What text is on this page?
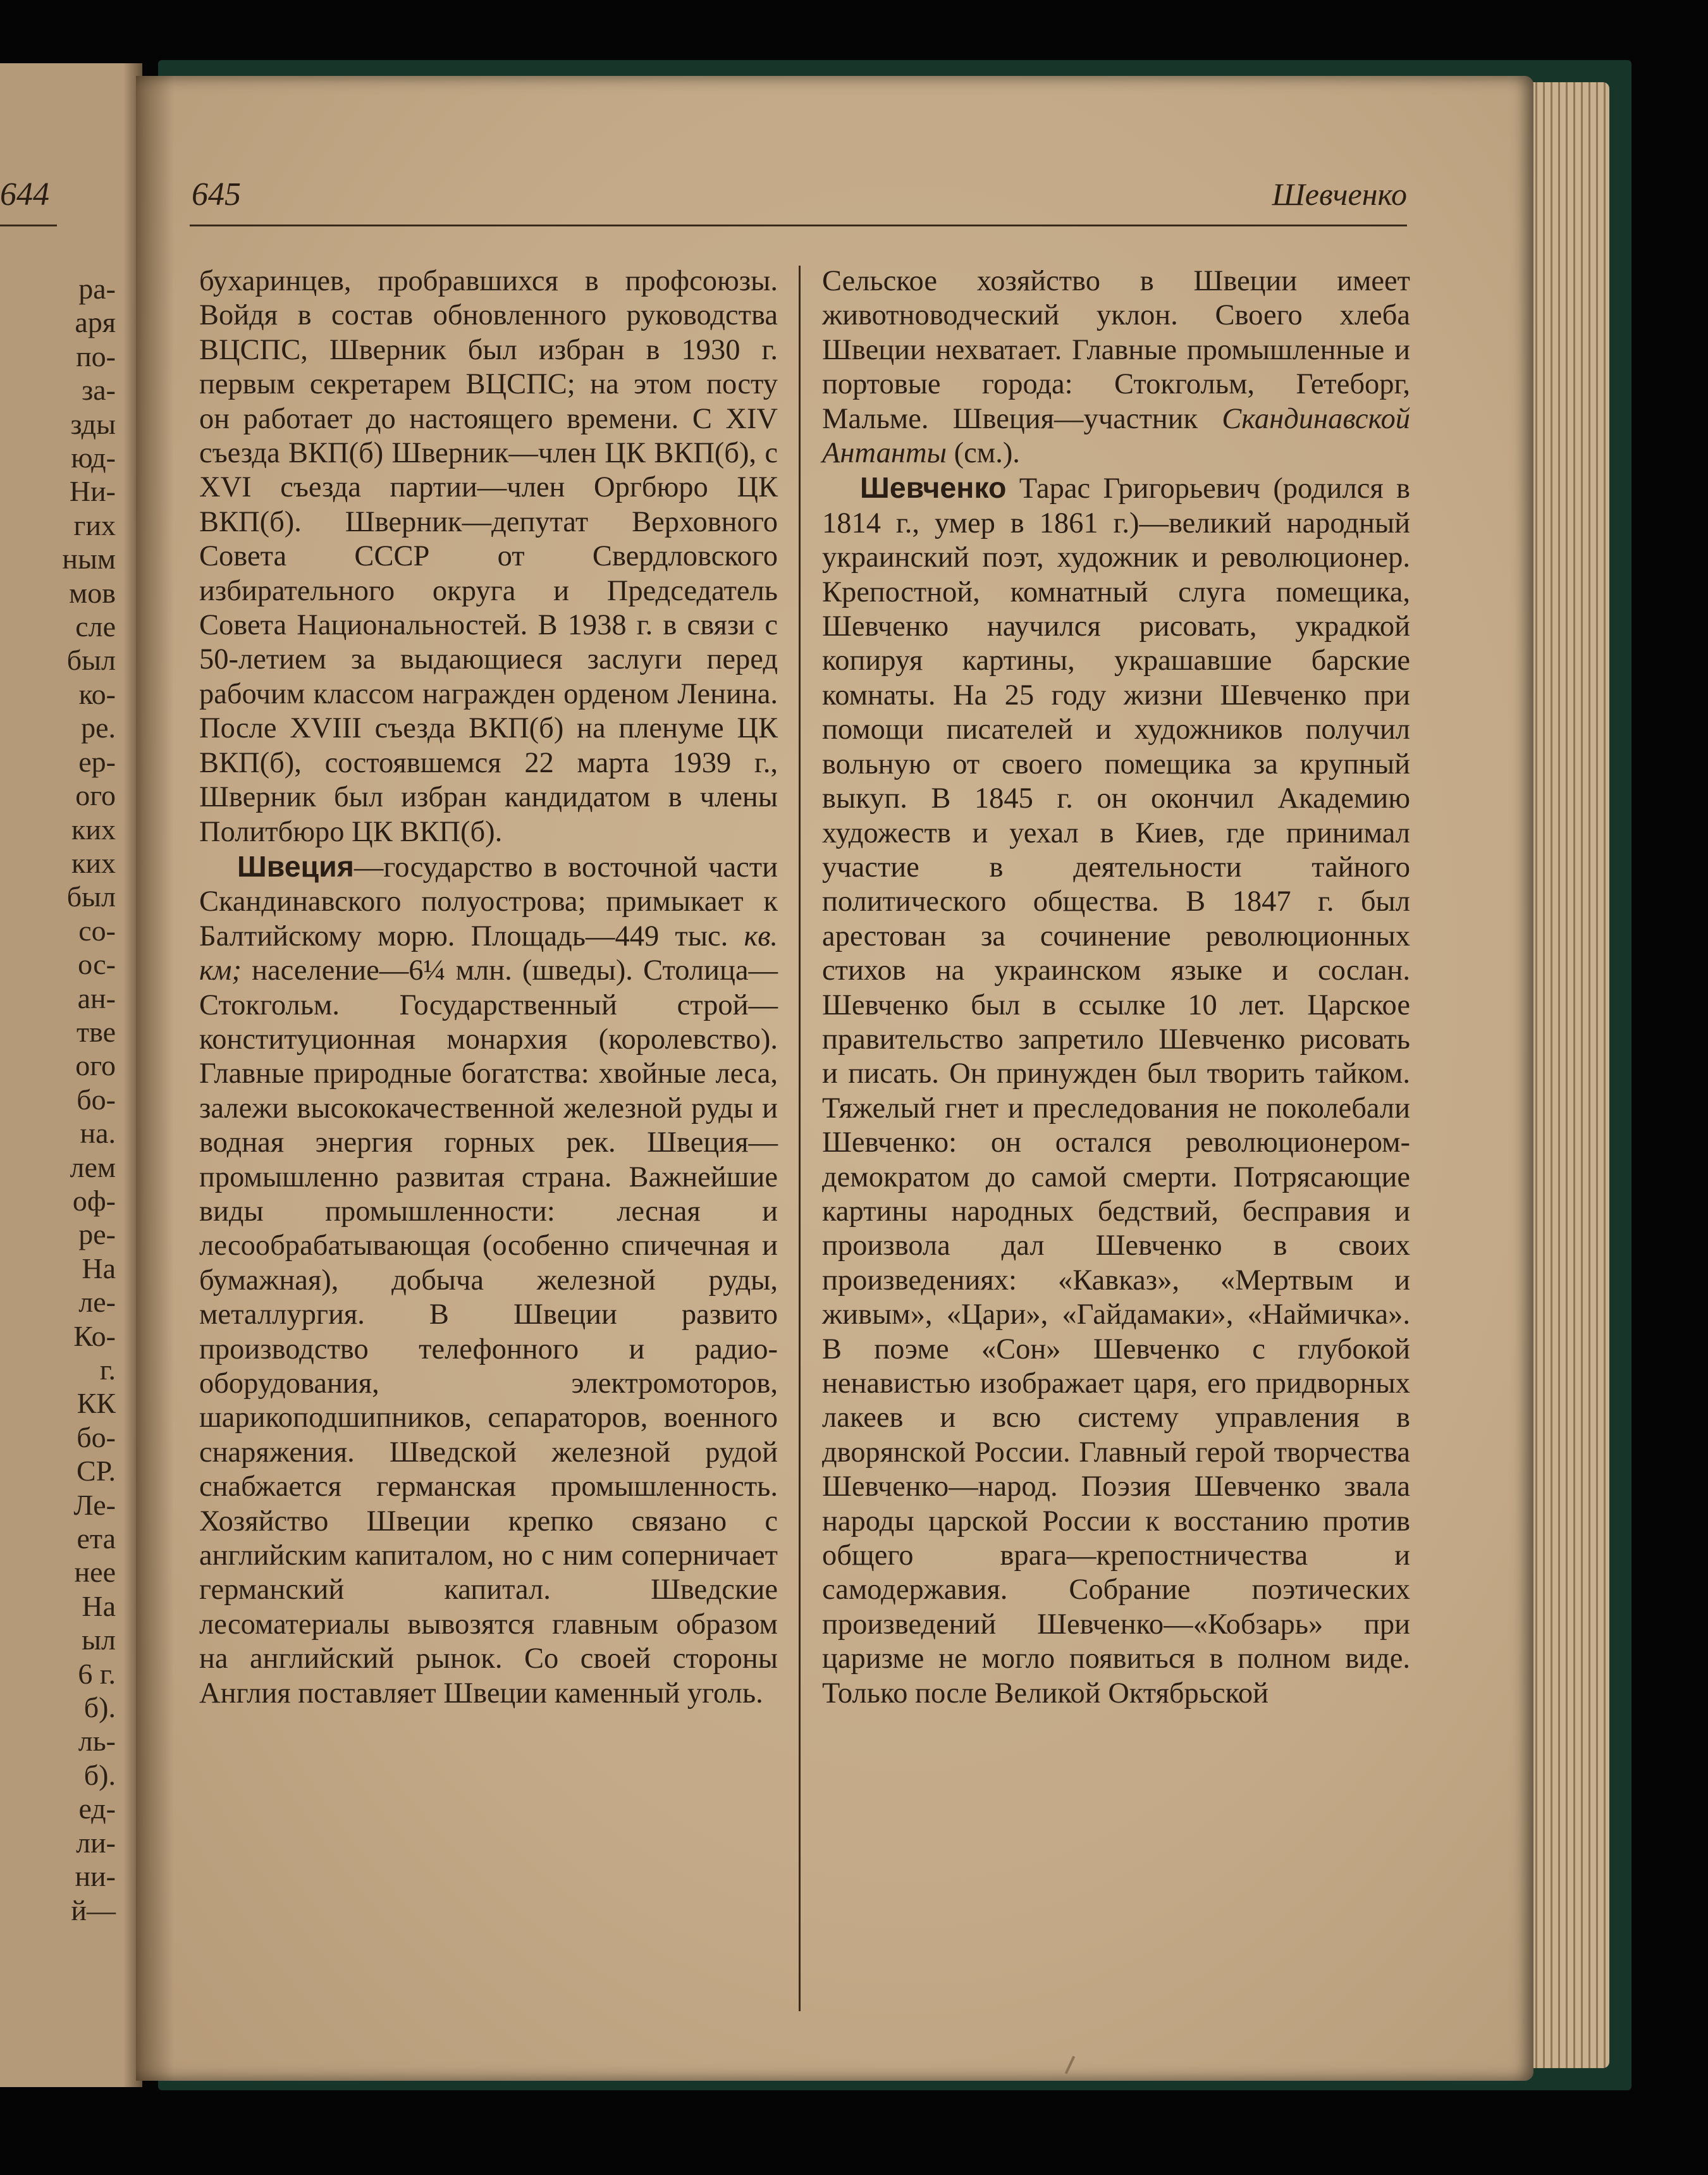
644
ра-
аря
по-
за-
зды
юд-
Ни-
гих
ным
мов
сле
был
ко-
ре.
ер-
ого
ких
ких
был
со-
ос-
ан-
тве
ого
бо-
на.
лем
оф-
ре-
На
ле-
Ко-
г.
КК
бо-
СР.
Ле-
ета
нее
На
ыл
6 г.
б).
ль-
б).
ед-
ли-
ни-
й—
645	Шевченко

бухаринцев, пробравшихся в профсоюзы. Войдя в состав обновленного руководства ВЦСПС, Шверник был избран в 1930 г. первым секретарем ВЦСПС; на этом посту он работает до настоящего времени. С XIV съезда ВКП(б) Шверник—член ЦК ВКП(б), с XVI съезда партии—член Оргбюро ЦК ВКП(б). Шверник—депутат Верховного Совета СССР от Свердловского избирательного округа и Председатель Совета Национальностей. В 1938 г. в связи с 50-летием за выдающиеся заслуги перед рабочим классом награжден орденом Ленина. После XVIII съезда ВКП(б) на пленуме ЦК ВКП(б), состоявшемся 22 марта 1939 г., Шверник был избран кандидатом в члены Политбюро ЦК ВКП(б).

Швеция—государство в восточной части Скандинавского полуострова; примыкает к Балтийскому морю. Площадь—449 тыс. кв. км; население—6¼ млн. (шведы). Столица—Стокгольм. Государственный строй—конституционная монархия (королевство). Главные природные богатства: хвойные леса, залежи высококачественной железной руды и водная энергия горных рек. Швеция—промышленно развитая страна. Важнейшие виды промышленности: лесная и лесообрабатывающая (особенно спичечная и бумажная), добыча железной руды, металлургия. В Швеции развито производство телефонного и радио-оборудования, электромоторов, шарикоподшипников, сепараторов, военного снаряжения. Шведской железной рудой снабжается германская промышленность. Хозяйство Швеции крепко связано с английским капиталом, но с ним соперничает германский капитал. Шведские лесоматериалы вывозятся главным образом на английский рынок. Со своей стороны Англия поставляет Швеции каменный уголь.

Сельское хозяйство в Швеции имеет животноводческий уклон. Своего хлеба Швеции нехватает. Главные промышленные и портовые города: Стокгольм, Гетеборг, Мальме. Швеция—участник Скандинавской Антанты (см.).

Шевченко Тарас Григорьевич (родился в 1814 г., умер в 1861 г.)—великий народный украинский поэт, художник и революционер. Крепостной, комнатный слуга помещика, Шевченко научился рисовать, украдкой копируя картины, украшавшие барские комнаты. На 25 году жизни Шевченко при помощи писателей и художников получил вольную от своего помещика за крупный выкуп. В 1845 г. он окончил Академию художеств и уехал в Киев, где принимал участие в деятельности тайного политического общества. В 1847 г. был арестован за сочинение революционных стихов на украинском языке и сослан. Шевченко был в ссылке 10 лет. Царское правительство запретило Шевченко рисовать и писать. Он принужден был творить тайком. Тяжелый гнет и преследования не поколебали Шевченко: он остался революционером-демократом до самой смерти. Потрясающие картины народных бедствий, бесправия и произвола дал Шевченко в своих произведениях: «Кавказ», «Мертвым и живым», «Цари», «Гайдамаки», «Наймичка». В поэме «Сон» Шевченко с глубокой ненавистью изображает царя, его придворных лакеев и всю систему управления в дворянской России. Главный герой творчества Шевченко—народ. Поэзия Шевченко звала народы царской России к восстанию против общего врага—крепостничества и самодержавия. Собрание поэтических произведений Шевченко—«Кобзарь» при царизме не могло появиться в полном виде. Только после Великой Октябрьской
